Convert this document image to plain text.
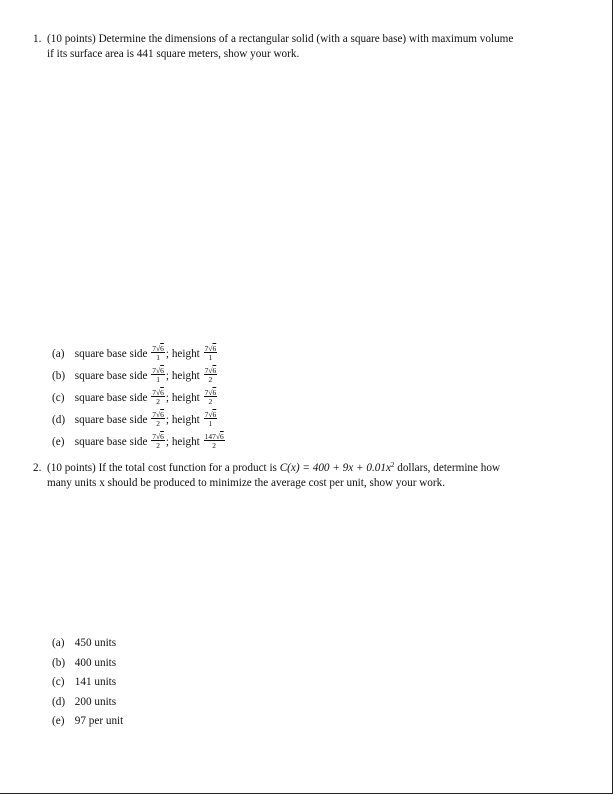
1. (10 points) Determine the dimensions of a rectangular solid (with a square base) with maximum volume
if its surface area is 441 square meters, show your work.
(a) square base side $\frac{7√6}{1}$ ; height $\frac{7√6}{1}$
(b) square base side $\frac{7√6}{1}$ ; height $\frac{7√6}{2}$
(c) square base side $\frac{7√6}{2}$ ; height $\frac{7√6}{2}$
(d) square base side $\frac{7√6}{2}$ ; height $\frac{7√6}{1}$
(e) square base side $\frac{7√6}{2}$ ; height $\frac{147√6}{2}$
2. (10 points) If the total cost function for a product is $C(x) = 400 + 9x + 0.01x^2$ dollars, determine how
many units x should be produced to minimize the average cost per unit, show your work.
(a) 450 units
(b) 400 units
(c) 141 units
(d) 200 units
(e) 97 per unit
